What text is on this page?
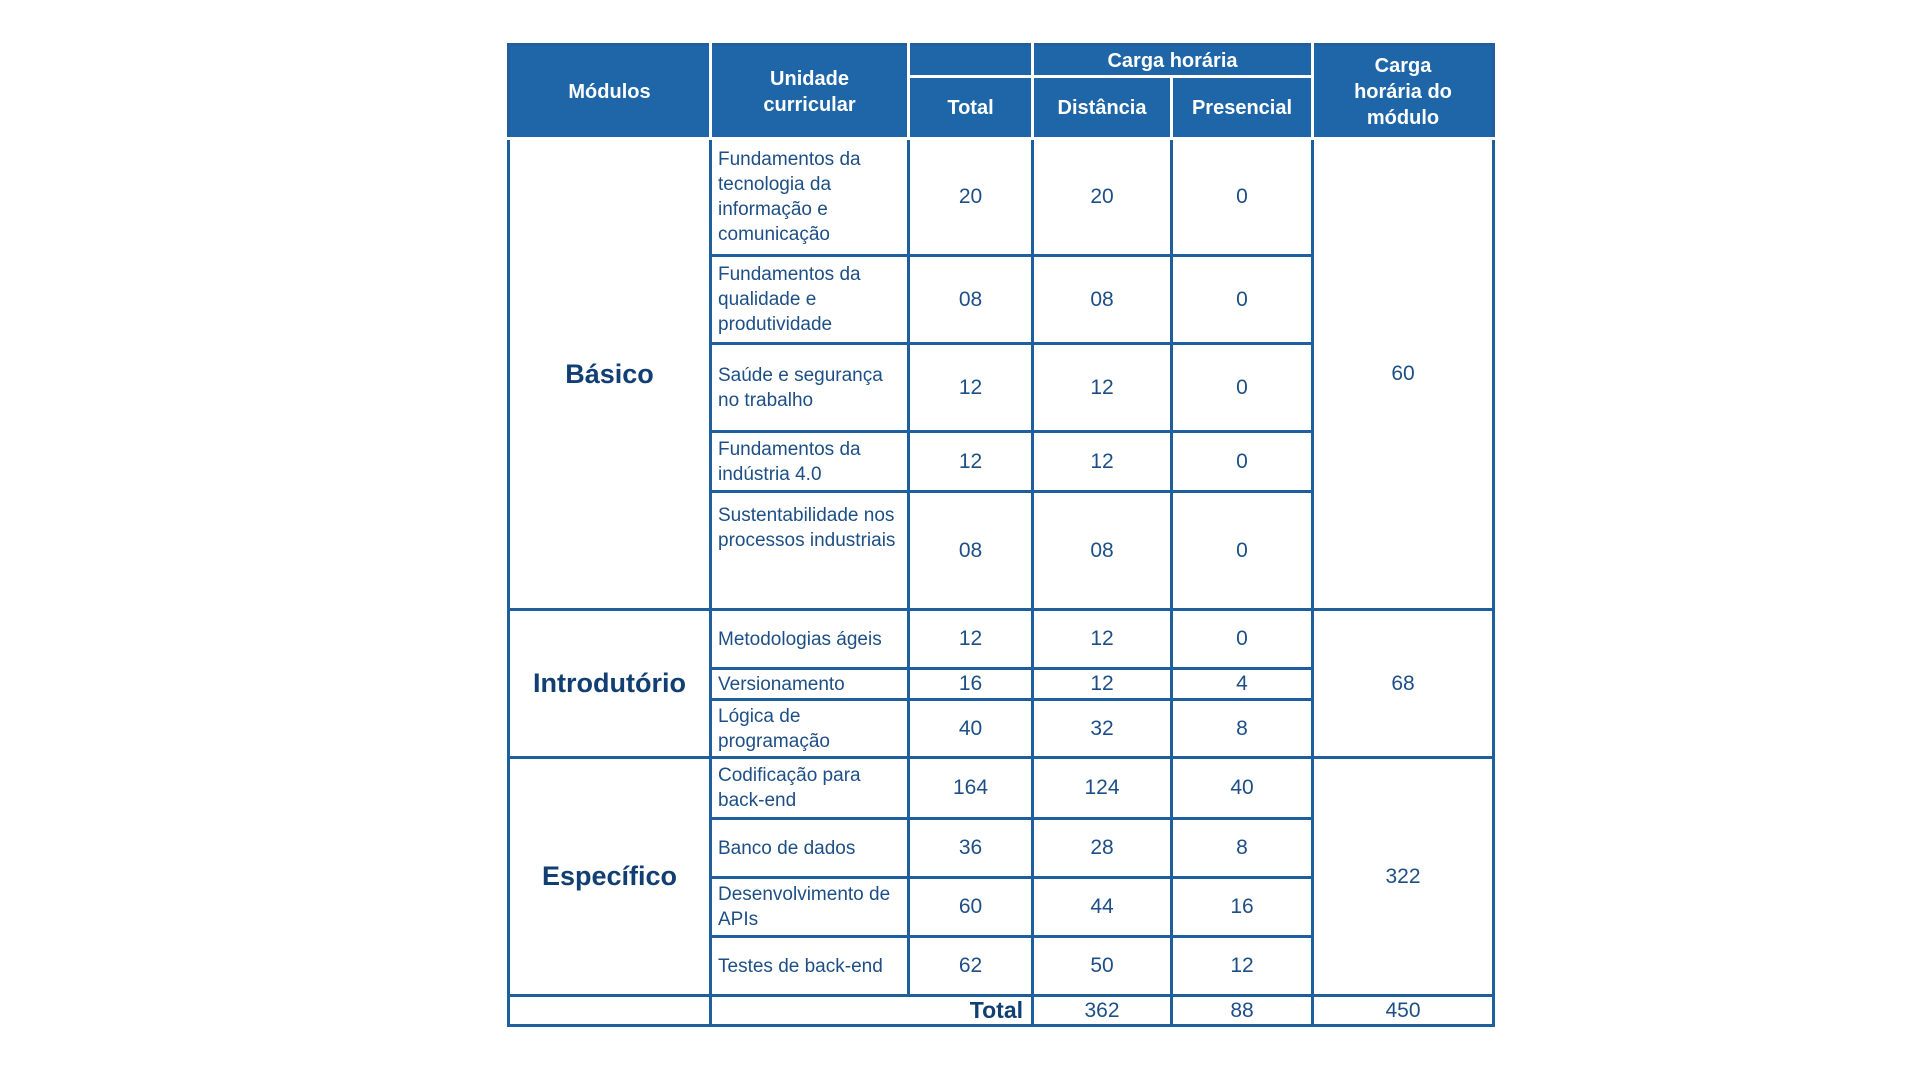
Módulos	Unidade curricular		Carga horária		Carga horária do módulo
		Total	Distância	Presencial	
Básico	Fundamentos da tecnologia da informação e comunicação	20	20	0	60
	Fundamentos da qualidade e produtividade	08	08	0	
	Saúde e segurança no trabalho	12	12	0	
	Fundamentos da indústria 4.0	12	12	0	
	Sustentabilidade nos processos industriais	08	08	0	
Introdutório	Metodologias ágeis	12	12	0	68
	Versionamento	16	12	4	
	Lógica de programação	40	32	8	
Específico	Codificação para back-end	164	124	40	322
	Banco de dados	36	28	8	
	Desenvolvimento de APIs	60	44	16	
	Testes de back-end	62	50	12	
	Total		362	88	450
